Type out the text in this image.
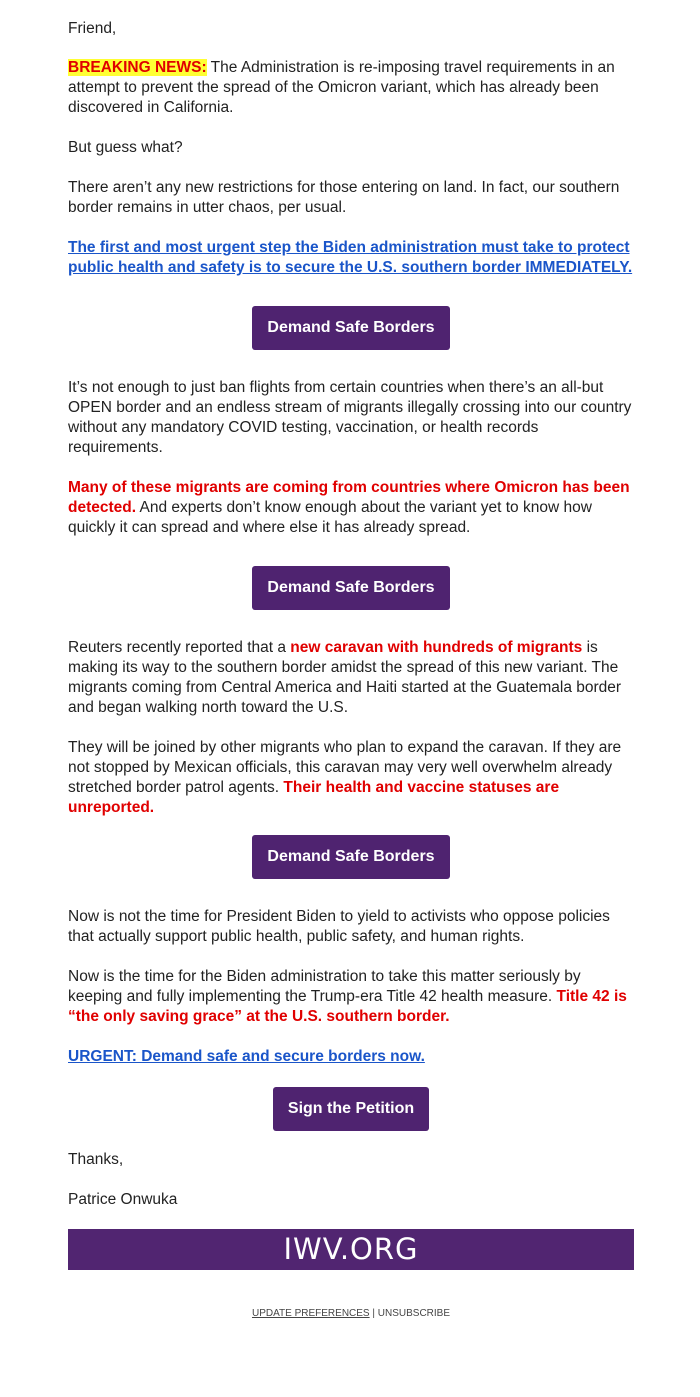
Friend,

BREAKING NEWS: The Administration is re-imposing travel requirements in an attempt to prevent the spread of the Omicron variant, which has already been discovered in California.

But guess what?

There aren’t any new restrictions for those entering on land. In fact, our southern border remains in utter chaos, per usual.

The first and most urgent step the Biden administration must take to protect public health and safety is to secure the U.S. southern border IMMEDIATELY.

Demand Safe Borders

It’s not enough to just ban flights from certain countries when there’s an all-but OPEN border and an endless stream of migrants illegally crossing into our country without any mandatory COVID testing, vaccination, or health records requirements.

Many of these migrants are coming from countries where Omicron has been detected. And experts don’t know enough about the variant yet to know how quickly it can spread and where else it has already spread.

Demand Safe Borders

Reuters recently reported that a new caravan with hundreds of migrants is making its way to the southern border amidst the spread of this new variant. The migrants coming from Central America and Haiti started at the Guatemala border and began walking north toward the U.S.

They will be joined by other migrants who plan to expand the caravan. If they are not stopped by Mexican officials, this caravan may very well overwhelm already stretched border patrol agents. Their health and vaccine statuses are unreported.

Demand Safe Borders

Now is not the time for President Biden to yield to activists who oppose policies that actually support public health, public safety, and human rights.

Now is the time for the Biden administration to take this matter seriously by keeping and fully implementing the Trump-era Title 42 health measure. Title 42 is “the only saving grace” at the U.S. southern border.

URGENT: Demand safe and secure borders now.

Sign the Petition

Thanks,

Patrice Onwuka

IWV.ORG
UPDATE PREFERENCES | UNSUBSCRIBE
